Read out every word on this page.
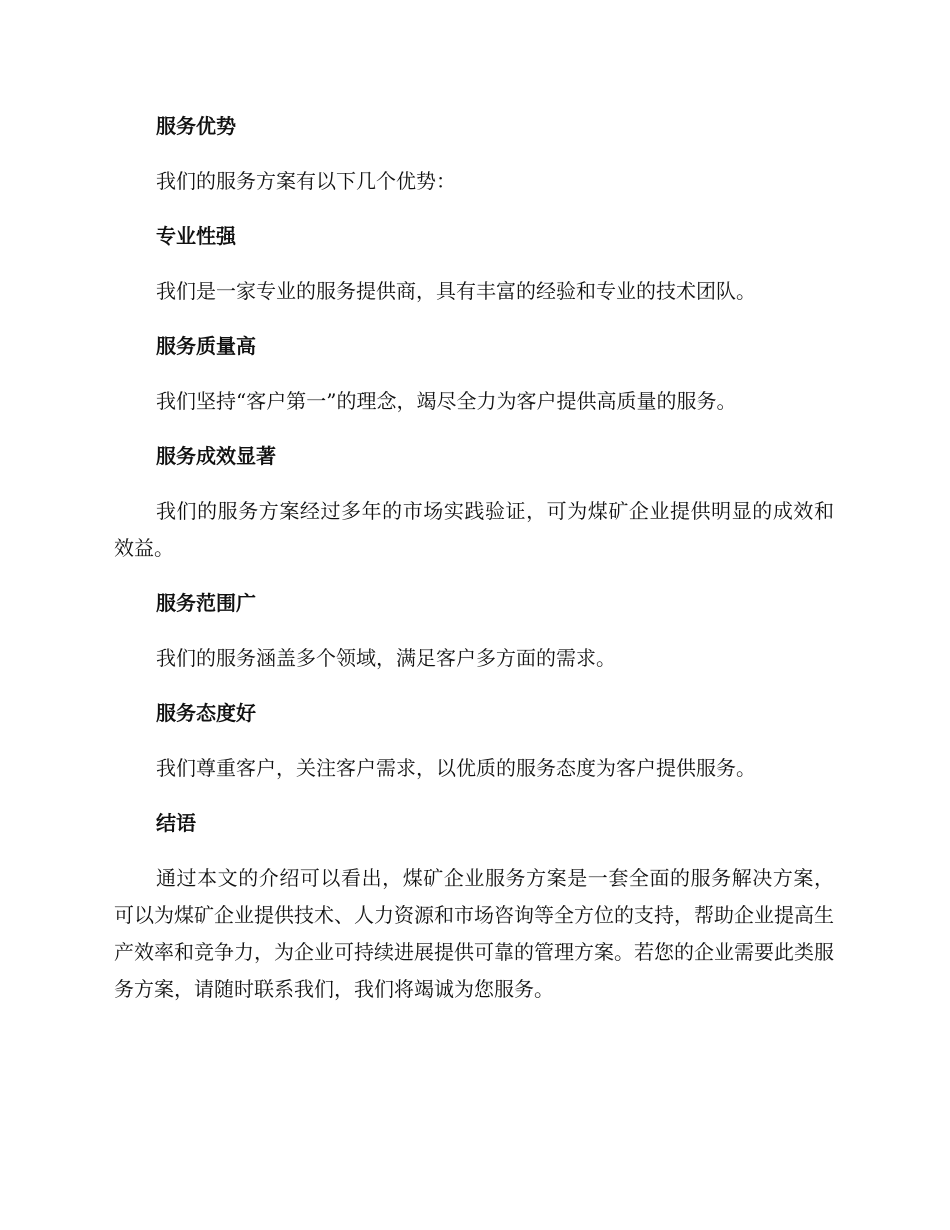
服务优势

我们的服务方案有以下几个优势：

专业性强

我们是一家专业的服务提供商，具有丰富的经验和专业的技术团队。

服务质量高

我们坚持“客户第一”的理念，竭尽全力为客户提供高质量的服务。

服务成效显著

我们的服务方案经过多年的市场实践验证，可为煤矿企业提供明显的成效和效益。

服务范围广

我们的服务涵盖多个领域，满足客户多方面的需求。

服务态度好

我们尊重客户，关注客户需求，以优质的服务态度为客户提供服务。

结语

通过本文的介绍可以看出，煤矿企业服务方案是一套全面的服务解决方案，可以为煤矿企业提供技术、人力资源和市场咨询等全方位的支持，帮助企业提高生产效率和竞争力，为企业可持续进展提供可靠的管理方案。若您的企业需要此类服务方案，请随时联系我们，我们将竭诚为您服务。
